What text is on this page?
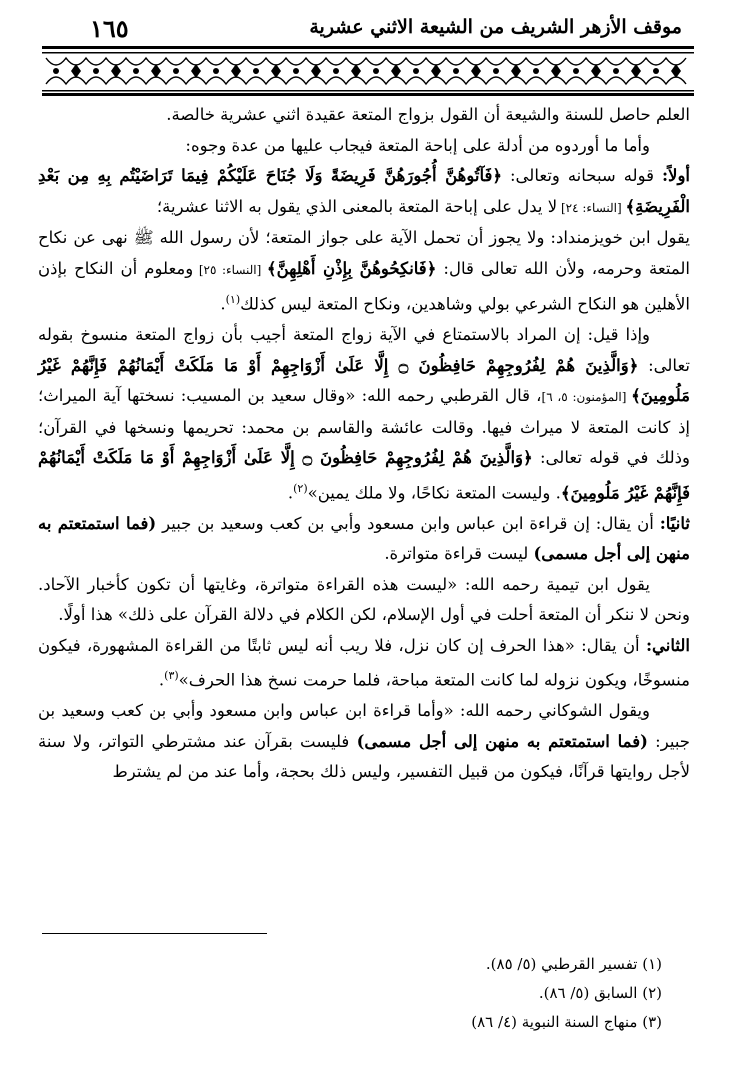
موقف الأزهر الشريف من الشيعة الاثني عشرية
١٦٥

العلم حاصل للسنة والشيعة أن القول بزواج المتعة عقيدة اثني عشرية خالصة.

وأما ما أوردوه من أدلة على إباحة المتعة فيجاب عليها من عدة وجوه:

أولاً: قوله سبحانه وتعالى: ﴿فَآتُوهُنَّ أُجُورَهُنَّ فَرِيضَةً وَلَا جُنَاحَ عَلَيْكُمْ فِيمَا تَرَاضَيْتُم بِهِ مِن بَعْدِ الْفَرِيضَةِ﴾ [النساء: ٢٤] لا يدل على إباحة المتعة بالمعنى الذي يقول به الاثنا عشرية؛

يقول ابن خويزمنداد: ولا يجوز أن تحمل الآية على جواز المتعة؛ لأن رسول الله ﷺ نهى عن نكاح المتعة وحرمه، ولأن الله تعالى قال: ﴿فَانكِحُوهُنَّ بِإِذْنِ أَهْلِهِنَّ﴾ [النساء: ٢٥] ومعلوم أن النكاح بإذن الأهلين هو النكاح الشرعي بولي وشاهدين، ونكاح المتعة ليس كذلك$^{(١)}$.

وإذا قيل: إن المراد بالاستمتاع في الآية زواج المتعة أجيب بأن زواج المتعة منسوخ بقوله تعالى: ﴿وَالَّذِينَ هُمْ لِفُرُوجِهِمْ حَافِظُونَ ۝ إِلَّا عَلَىٰ أَزْوَاجِهِمْ أَوْ مَا مَلَكَتْ أَيْمَانُهُمْ فَإِنَّهُمْ غَيْرُ مَلُومِينَ﴾ [المؤمنون: ٥، ٦]، قال القرطبي رحمه الله: «وقال سعيد بن المسيب: نسختها آية الميراث؛ إذ كانت المتعة لا ميراث فيها. وقالت عائشة والقاسم بن محمد: تحريمها ونسخها في القرآن؛ وذلك في قوله تعالى: ﴿وَالَّذِينَ هُمْ لِفُرُوجِهِمْ حَافِظُونَ ۝ إِلَّا عَلَىٰ أَزْوَاجِهِمْ أَوْ مَا مَلَكَتْ أَيْمَانُهُمْ فَإِنَّهُمْ غَيْرُ مَلُومِينَ﴾. وليست المتعة نكاحًا، ولا ملك يمين»$^{(٢)}$.

ثانيًا: أن يقال: إن قراءة ابن عباس وابن مسعود وأبي بن كعب وسعيد بن جبير (فما استمتعتم به منهن إلى أجل مسمى) ليست قراءة متواترة.

يقول ابن تيمية رحمه الله: «ليست هذه القراءة متواترة، وغايتها أن تكون كأخبار الآحاد. ونحن لا ننكر أن المتعة أحلت في أول الإسلام، لكن الكلام في دلالة القرآن على ذلك» هذا أولًا.

الثاني: أن يقال: «هذا الحرف إن كان نزل، فلا ريب أنه ليس ثابتًا من القراءة المشهورة، فيكون منسوخًا، ويكون نزوله لما كانت المتعة مباحة، فلما حرمت نسخ هذا الحرف»$^{(٣)}$.

ويقول الشوكاني رحمه الله: «وأما قراءة ابن عباس وابن مسعود وأبي بن كعب وسعيد بن جبير: (فما استمتعتم به منهن إلى أجل مسمى) فليست بقرآن عند مشترطي التواتر، ولا سنة لأجل روايتها قرآنًا، فيكون من قبيل التفسير، وليس ذلك بحجة، وأما عند من لم يشترط

(١) تفسير القرطبي (٥/ ٨٥).
(٢) السابق (٥/ ٨٦).
(٣) منهاج السنة النبوية (٤/ ٨٦)
